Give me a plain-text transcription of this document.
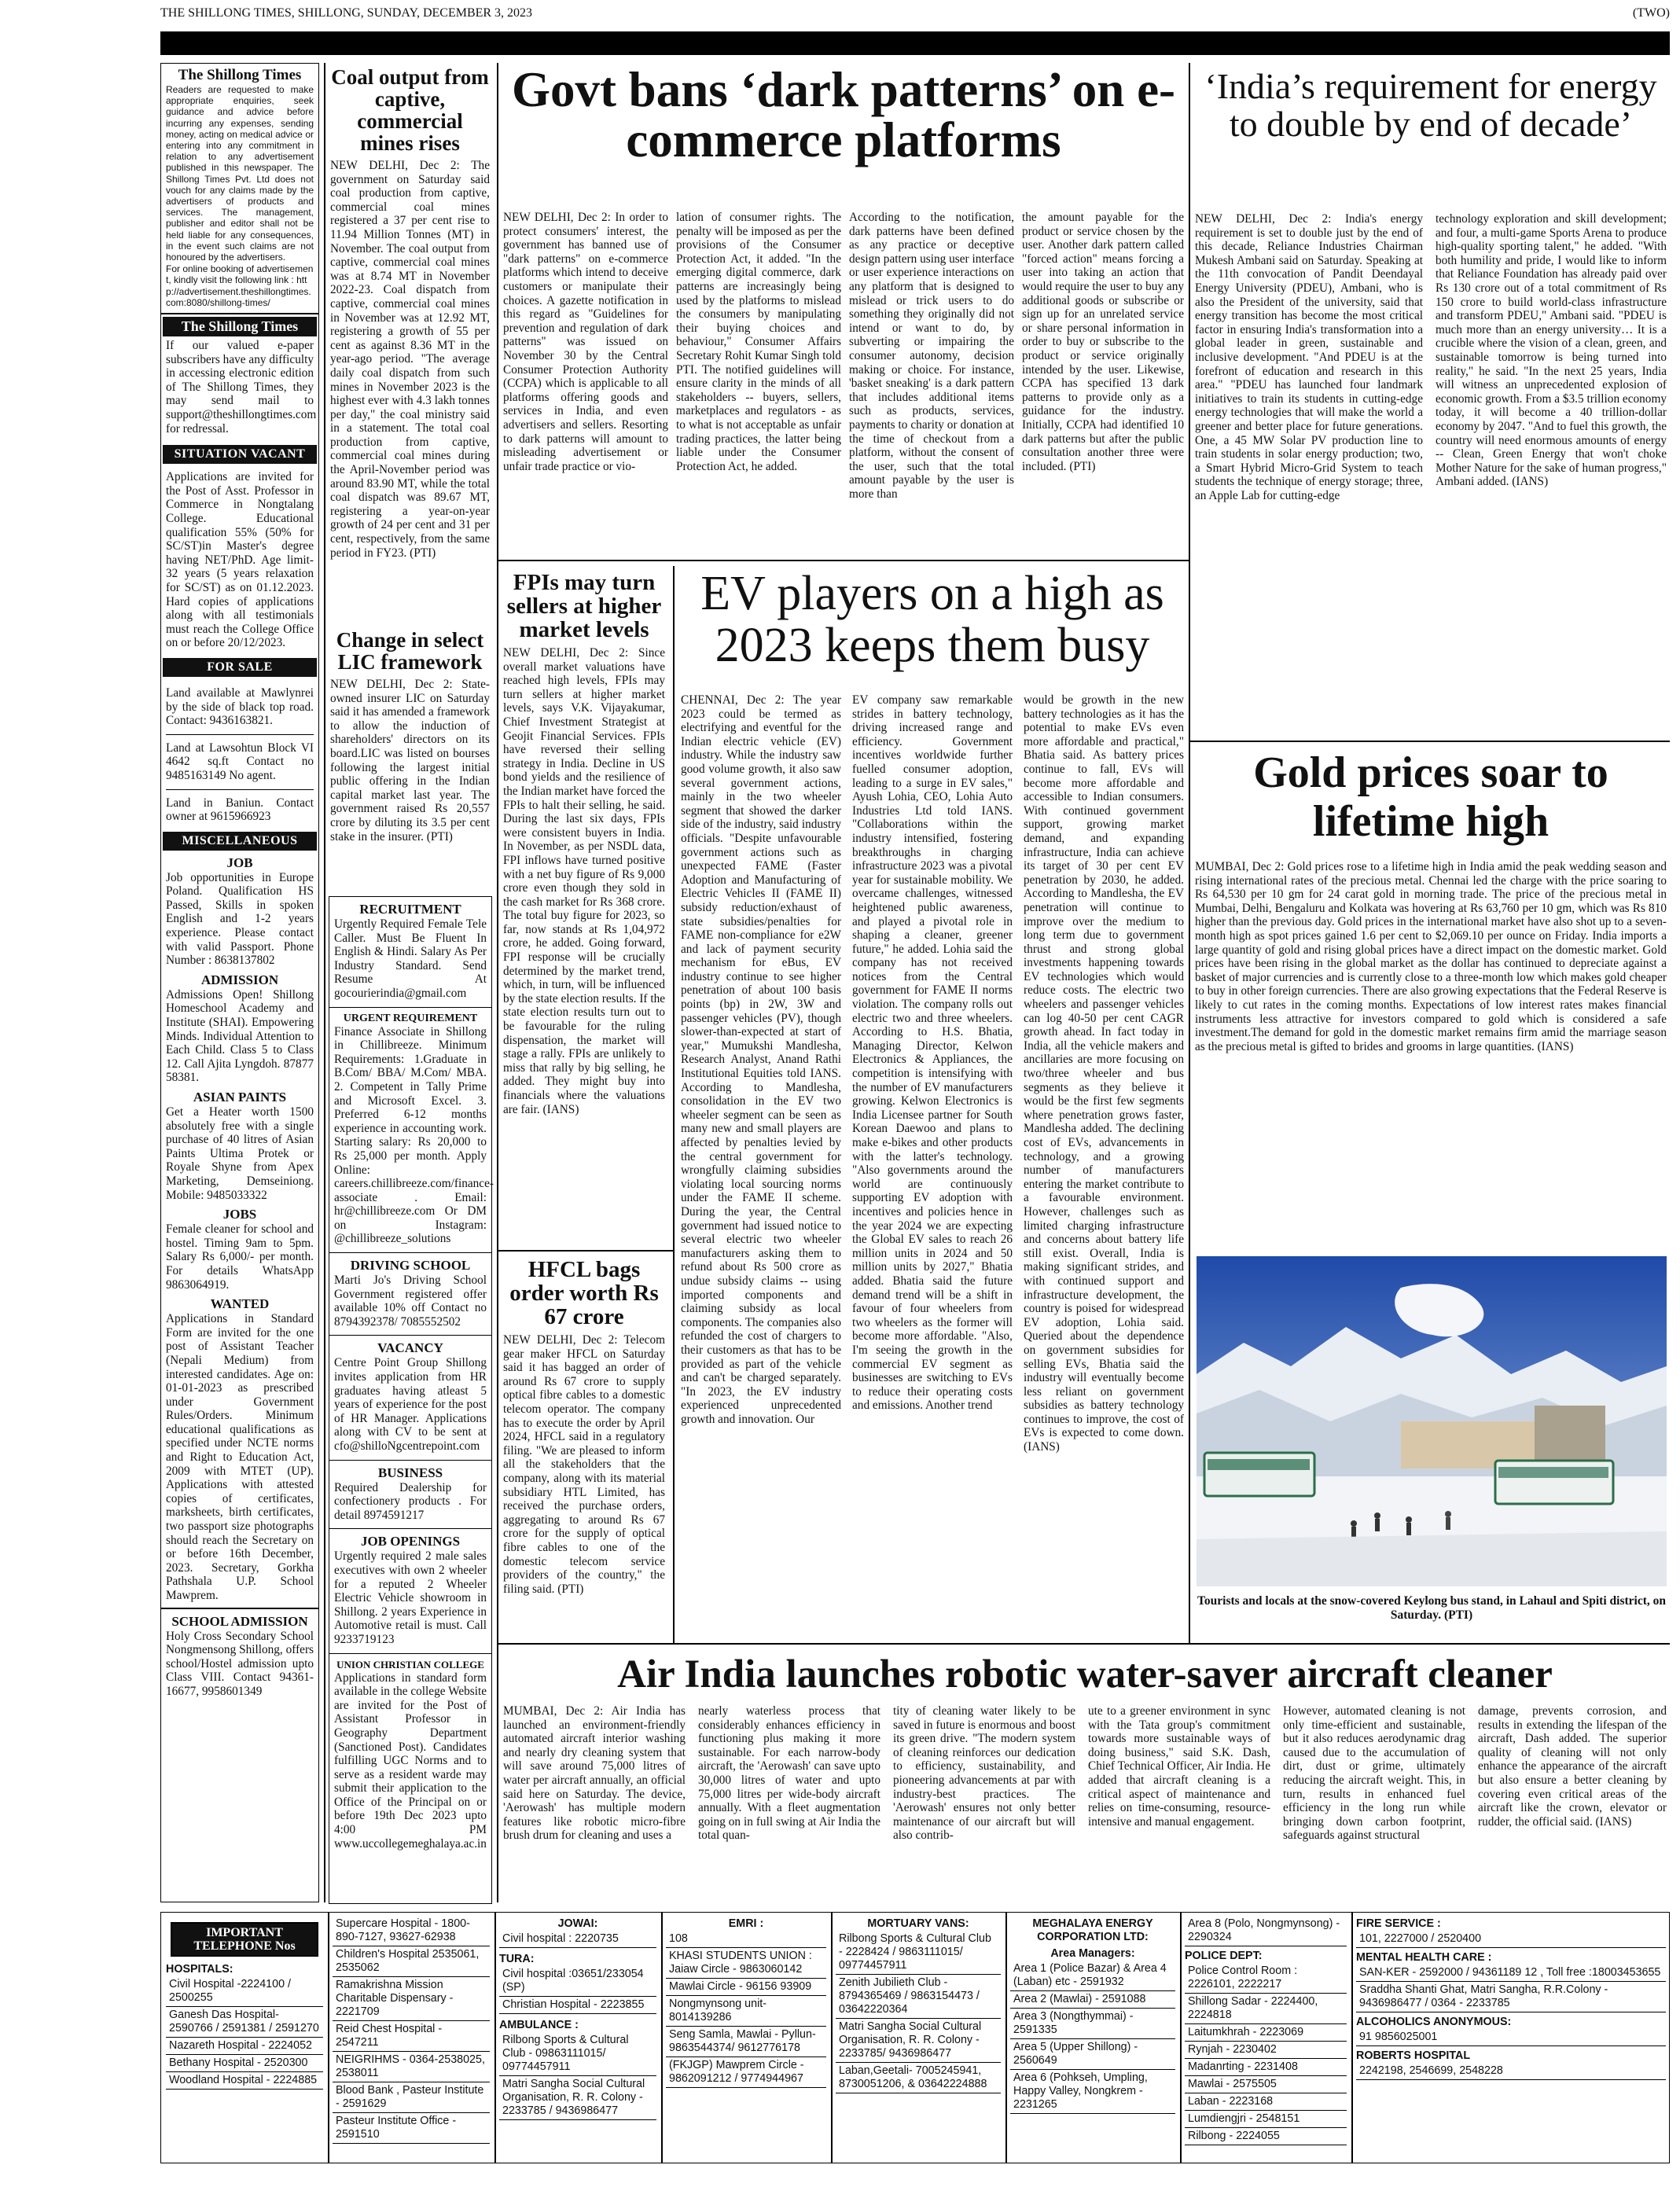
THE SHILLONG TIMES, SHILLONG, SUNDAY, DECEMBER 3, 2023	(TWO)
The Shillong Times
Readers are requested to make appropriate enquiries, seek guidance and advice before incurring any expenses, sending money, acting on medical advice or entering into any commitment in relation to any advertisement published in this newspaper. The Shillong Times Pvt. Ltd does not vouch for any claims made by the advertisers of products and services. The management, publisher and editor shall not be held liable for any consequences, in the event such claims are not honoured by the advertisers.
For online booking of advertisement, kindly visit the following link : http://advertisement.theshillongtimes.com:8080/shillong-times/
The Shillong Times
If our valued e-paper subscribers have any difficulty in accessing electronic edition of The Shillong Times, they may send mail to support@theshillongtimes.com for redressal.
SITUATION VACANT
Applications are invited for the Post of Asst. Professor in Commerce in Nongtalang College. Educational qualification 55% (50% for SC/ST)in Master's degree having NET/PhD. Age limit- 32 years (5 years relaxation for SC/ST) as on 01.12.2023. Hard copies of applications along with all testimonials must reach the College Office on or before 20/12/2023.
FOR SALE
Land available at Mawlynrei by the side of black top road. Contact: 9436163821.
Land at Lawsohtun Block VI 4642 sq.ft Contact no 9485163149 No agent.
Land in Baniun. Contact owner at 9615966923
MISCELLANEOUS
JOB
Job opportunities in Europe Poland. Qualification HS Passed, Skills in spoken English and 1-2 years experience. Please contact with valid Passport. Phone Number : 8638137802
ADMISSION
Admissions Open! Shillong Homeschool Academy and Institute (SHAI). Empowering Minds. Individual Attention to Each Child. Class 5 to Class 12. Call Ajita Lyngdoh. 87877 58381.
ASIAN PAINTS
Get a Heater worth 1500 absolutely free with a single purchase of 40 litres of Asian Paints Ultima Protek or Royale Shyne from Apex Marketing, Demseiniong. Mobile: 9485033322
JOBS
Female cleaner for school and hostel. Timing 9am to 5pm. Salary Rs 6,000/- per month. For details WhatsApp 9863064919.
WANTED
Applications in Standard Form are invited for the one post of Assistant Teacher (Nepali Medium) from interested candidates. Age on: 01-01-2023 as prescribed under Government Rules/Orders. Minimum educational qualifications as specified under NCTE norms and Right to Education Act, 2009 with MTET (UP). Applications with attested copies of certificates, marksheets, birth certificates, two passport size photographs should reach the Secretary on or before 16th December, 2023. Secretary, Gorkha Pathshala U.P. School Mawprem.
SCHOOL ADMISSION
Holy Cross Secondary School Nongmensong Shillong, offers school/Hostel admission upto Class VIII. Contact 94361-16677, 9958601349
Coal output from captive, commercial mines rises
NEW DELHI, Dec 2: The government on Saturday said coal production from captive, commercial coal mines registered a 37 per cent rise to 11.94 Million Tonnes (MT) in November. The coal output from captive, commercial coal mines was at 8.74 MT in November 2022-23. Coal dispatch from captive, commercial coal mines in November was at 12.92 MT, registering a growth of 55 per cent as against 8.36 MT in the year-ago period. "The average daily coal dispatch from such mines in November 2023 is the highest ever with 4.3 lakh tonnes per day," the coal ministry said in a statement. The total coal production from captive, commercial coal mines during the April-November period was around 83.90 MT, while the total coal dispatch was 89.67 MT, registering a year-on-year growth of 24 per cent and 31 per cent, respectively, from the same period in FY23. (PTI)
Change in select LIC framework
NEW DELHI, Dec 2: State-owned insurer LIC on Saturday said it has amended a framework to allow the induction of shareholders' directors on its board.LIC was listed on bourses following the largest initial public offering in the Indian capital market last year. The government raised Rs 20,557 crore by diluting its 3.5 per cent stake in the insurer. (PTI)
RECRUITMENT
Urgently Required Female Tele Caller. Must Be Fluent In English & Hindi. Salary As Per Industry Standard. Send Resume At gocourierindia@gmail.com
URGENT REQUIREMENT
Finance Associate in Shillong in Chillibreeze. Minimum Requirements: 1.Graduate in B.Com/ BBA/ M.Com/ MBA. 2. Competent in Tally Prime and Microsoft Excel. 3. Preferred 6-12 months experience in accounting work. Starting salary: Rs 20,000 to Rs 25,000 per month. Apply Online: careers.chillibreeze.com/finance-associate . Email: hr@chillibreeze.com Or DM on Instagram: @chillibreeze_solutions
DRIVING SCHOOL
Marti Jo's Driving School Government registered offer available 10% off Contact no 8794392378/ 7085552502
VACANCY
Centre Point Group Shillong invites application from HR graduates having atleast 5 years of experience for the post of HR Manager. Applications along with CV to be sent at cfo@shilloNgcentrepoint.com
BUSINESS
Required Dealership for confectionery products . For detail 8974591217
JOB OPENINGS
Urgently required 2 male sales executives with own 2 wheeler for a reputed 2 Wheeler Electric Vehicle showroom in Shillong. 2 years Experience in Automotive retail is must. Call 9233719123
UNION CHRISTIAN COLLEGE
Applications in standard form available in the college Website are invited for the Post of Assistant Professor in Geography Department (Sanctioned Post). Candidates fulfilling UGC Norms and to serve as a resident warde may submit their application to the Office of the Principal on or before 19th Dec 2023 upto 4:00 PM www.uccollegemeghalaya.ac.in
Govt bans ‘dark patterns’ on e-commerce platforms
NEW DELHI, Dec 2: In order to protect consumers' interest, the government has banned use of "dark patterns" on e-commerce platforms which intend to deceive customers or manipulate their choices. A gazette notification in this regard as "Guidelines for prevention and regulation of dark patterns" was issued on November 30 by the Central Consumer Protection Authority (CCPA) which is applicable to all platforms offering goods and services in India, and even advertisers and sellers. Resorting to dark patterns will amount to misleading advertisement or unfair trade practice or vio-
lation of consumer rights. The penalty will be imposed as per the provisions of the Consumer Protection Act, it added. "In the emerging digital commerce, dark patterns are increasingly being used by the platforms to mislead the consumers by manipulating their buying choices and behaviour," Consumer Affairs Secretary Rohit Kumar Singh told PTI. The notified guidelines will ensure clarity in the minds of all stakeholders -- buyers, sellers, marketplaces and regulators - as to what is not acceptable as unfair trading practices, the latter being liable under the Consumer Protection Act, he added.
According to the notification, dark patterns have been defined as any practice or deceptive design pattern using user interface or user experience interactions on any platform that is designed to mislead or trick users to do something they originally did not intend or want to do, by subverting or impairing the consumer autonomy, decision making or choice. For instance, 'basket sneaking' is a dark pattern that includes additional items such as products, services, payments to charity or donation at the time of checkout from a platform, without the consent of the user, such that the total amount payable by the user is more than
the amount payable for the product or service chosen by the user. Another dark pattern called "forced action" means forcing a user into taking an action that would require the user to buy any additional goods or subscribe or sign up for an unrelated service or share personal information in order to buy or subscribe to the product or service originally intended by the user. Likewise, CCPA has specified 13 dark patterns to provide only as a guidance for the industry. Initially, CCPA had identified 10 dark patterns but after the public consultation another three were included. (PTI)
FPIs may turn sellers at higher market levels
NEW DELHI, Dec 2: Since overall market valuations have reached high levels, FPIs may turn sellers at higher market levels, says V.K. Vijayakumar, Chief Investment Strategist at Geojit Financial Services. FPIs have reversed their selling strategy in India. Decline in US bond yields and the resilience of the Indian market have forced the FPIs to halt their selling, he said. During the last six days, FPIs were consistent buyers in India. In November, as per NSDL data, FPI inflows have turned positive with a net buy figure of Rs 9,000 crore even though they sold in the cash market for Rs 368 crore. The total buy figure for 2023, so far, now stands at Rs 1,04,972 crore, he added. Going forward, FPI response will be crucially determined by the market trend, which, in turn, will be influenced by the state election results. If the state election results turn out to be favourable for the ruling dispensation, the market will stage a rally. FPIs are unlikely to miss that rally by big selling, he added. They might buy into financials where the valuations are fair. (IANS)
HFCL bags order worth Rs 67 crore
NEW DELHI, Dec 2: Telecom gear maker HFCL on Saturday said it has bagged an order of around Rs 67 crore to supply optical fibre cables to a domestic telecom operator. The company has to execute the order by April 2024, HFCL said in a regulatory filing. "We are pleased to inform all the stakeholders that the company, along with its material subsidiary HTL Limited, has received the purchase orders, aggregating to around Rs 67 crore for the supply of optical fibre cables to one of the domestic telecom service providers of the country," the filing said. (PTI)
EV players on a high as 2023 keeps them busy
CHENNAI, Dec 2: The year 2023 could be termed as electrifying and eventful for the Indian electric vehicle (EV) industry. While the industry saw good volume growth, it also saw several government actions, mainly in the two wheeler segment that showed the darker side of the industry, said industry officials. "Despite unfavourable government actions such as unexpected FAME (Faster Adoption and Manufacturing of Electric Vehicles II (FAME II) subsidy reduction/exhaust of state subsidies/penalties for FAME non-compliance for e2W and lack of payment security mechanism for eBus, EV industry continue to see higher penetration of about 100 basis points (bp) in 2W, 3W and passenger vehicles (PV), though slower-than-expected at start of year," Mumukshi Mandlesha, Research Analyst, Anand Rathi Institutional Equities told IANS. According to Mandlesha, consolidation in the EV two wheeler segment can be seen as many new and small players are affected by penalties levied by the central government for wrongfully claiming subsidies violating local sourcing norms under the FAME II scheme. During the year, the Central government had issued notice to several electric two wheeler manufacturers asking them to refund about Rs 500 crore as undue subsidy claims -- using imported components and claiming subsidy as local components. The companies also refunded the cost of chargers to their customers as that has to be provided as part of the vehicle and can't be charged separately. "In 2023, the EV industry experienced unprecedented growth and innovation. Our
EV company saw remarkable strides in battery technology, driving increased range and efficiency. Government incentives worldwide further fuelled consumer adoption, leading to a surge in EV sales," Ayush Lohia, CEO, Lohia Auto Industries Ltd told IANS. "Collaborations within the industry intensified, fostering breakthroughs in charging infrastructure 2023 was a pivotal year for sustainable mobility. We overcame challenges, witnessed heightened public awareness, and played a pivotal role in shaping a cleaner, greener future," he added. Lohia said the company has not received notices from the Central government for FAME II norms violation. The company rolls out electric two and three wheelers. According to H.S. Bhatia, Managing Director, Kelwon Electronics & Appliances, the competition is intensifying with the number of EV manufacturers growing. Kelwon Electronics is India Licensee partner for South Korean Daewoo and plans to make e-bikes and other products with the latter's technology. "Also governments around the world are continuously supporting EV adoption with incentives and policies hence in the year 2024 we are expecting the Global EV sales to reach 26 million units in 2024 and 50 million units by 2027," Bhatia added. Bhatia said the future demand trend will be a shift in favour of four wheelers from two wheelers as the former will become more affordable. "Also, I'm seeing the growth in the commercial EV segment as businesses are switching to EVs to reduce their operating costs and emissions. Another trend
would be growth in the new battery technologies as it has the potential to make EVs even more affordable and practical," Bhatia said. As battery prices continue to fall, EVs will become more affordable and accessible to Indian consumers. With continued government support, growing market demand, and expanding infrastructure, India can achieve its target of 30 per cent EV penetration by 2030, he added. According to Mandlesha, the EV penetration will continue to improve over the medium to long term due to government thrust and strong global investments happening towards EV technologies which would reduce costs. The electric two wheelers and passenger vehicles can log 40-50 per cent CAGR growth ahead. In fact today in India, all the vehicle makers and ancillaries are more focusing on two/three wheeler and bus segments as they believe it would be the first few segments where penetration grows faster, Mandlesha added. The declining cost of EVs, advancements in technology, and a growing number of manufacturers entering the market contribute to a favourable environment. However, challenges such as limited charging infrastructure and concerns about battery life still exist. Overall, India is making significant strides, and with continued support and infrastructure development, the country is poised for widespread EV adoption, Lohia said. Queried about the dependence on government subsidies for selling EVs, Bhatia said the industry will eventually become less reliant on government subsidies as battery technology continues to improve, the cost of EVs is expected to come down. (IANS)
‘India’s requirement for energy to double by end of decade’
NEW DELHI, Dec 2: India's energy requirement is set to double just by the end of this decade, Reliance Industries Chairman Mukesh Ambani said on Saturday. Speaking at the 11th convocation of Pandit Deendayal Energy University (PDEU), Ambani, who is also the President of the university, said that energy transition has become the most critical factor in ensuring India's transformation into a global leader in green, sustainable and inclusive development. "And PDEU is at the forefront of education and research in this area." "PDEU has launched four landmark initiatives to train its students in cutting-edge energy technologies that will make the world a greener and better place for future generations. One, a 45 MW Solar PV production line to train students in solar energy production; two, a Smart Hybrid Micro-Grid System to teach students the technique of energy storage; three, an Apple Lab for cutting-edge
technology exploration and skill development; and four, a multi-game Sports Arena to produce high-quality sporting talent," he added. "With both humility and pride, I would like to inform that Reliance Foundation has already paid over Rs 130 crore out of a total commitment of Rs 150 crore to build world-class infrastructure and transform PDEU," Ambani said. "PDEU is much more than an energy university… It is a crucible where the vision of a clean, green, and sustainable tomorrow is being turned into reality," he said. "In the next 25 years, India will witness an unprecedented explosion of economic growth. From a $3.5 trillion economy today, it will become a 40 trillion-dollar economy by 2047. "And to fuel this growth, the country will need enormous amounts of energy -- Clean, Green Energy that won't choke Mother Nature for the sake of human progress," Ambani added. (IANS)
Gold prices soar to lifetime high
MUMBAI, Dec 2: Gold prices rose to a lifetime high in India amid the peak wedding season and rising international rates of the precious metal. Chennai led the charge with the price soaring to Rs 64,530 per 10 gm for 24 carat gold in morning trade. The price of the precious metal in Mumbai, Delhi, Bengaluru and Kolkata was hovering at Rs 63,760 per 10 gm, which was Rs 810 higher than the previous day. Gold prices in the international market have also shot up to a seven-month high as spot prices gained 1.6 per cent to $2,069.10 per ounce on Friday. India imports a large quantity of gold and rising global prices have a direct impact on the domestic market. Gold prices have been rising in the global market as the dollar has continued to depreciate against a basket of major currencies and is currently close to a three-month low which makes gold cheaper to buy in other foreign currencies. There are also growing expectations that the Federal Reserve is likely to cut rates in the coming months. Expectations of low interest rates makes financial instruments less attractive for investors compared to gold which is considered a safe investment.The demand for gold in the domestic market remains firm amid the marriage season as the precious metal is gifted to brides and grooms in large quantities. (IANS)
Tourists and locals at the snow-covered Keylong bus stand, in Lahaul and Spiti district, on Saturday. (PTI)
Air India launches robotic water-saver aircraft cleaner
MUMBAI, Dec 2: Air India has launched an environment-friendly automated aircraft interior washing and nearly dry cleaning system that will save around 75,000 litres of water per aircraft annually, an official said here on Saturday. The device, 'Aerowash' has multiple modern features like robotic micro-fibre brush drum for cleaning and uses a
nearly waterless process that considerably enhances efficiency in functioning plus making it more sustainable. For each narrow-body aircraft, the 'Aerowash' can save upto 30,000 litres of water and upto 75,000 litres per wide-body aircraft annually. With a fleet augmentation going on in full swing at Air India the total quan-
tity of cleaning water likely to be saved in future is enormous and boost its green drive. "The modern system of cleaning reinforces our dedication to efficiency, sustainability, and pioneering advancements at par with industry-best practices. The 'Aerowash' ensures not only better maintenance of our aircraft but will also contrib-
ute to a greener environment in sync with the Tata group's commitment towards more sustainable ways of doing business," said S.K. Dash, Chief Technical Officer, Air India. He added that aircraft cleaning is a critical aspect of maintenance and relies on time-consuming, resource-intensive and manual engagement.
However, automated cleaning is not only time-efficient and sustainable, but it also reduces aerodynamic drag caused due to the accumulation of dirt, dust or grime, ultimately reducing the aircraft weight. This, in turn, results in enhanced fuel efficiency in the long run while bringing down carbon footprint, safeguards against structural
damage, prevents corrosion, and results in extending the lifespan of the aircraft, Dash added. The superior quality of cleaning will not only enhance the appearance of the aircraft but also ensure a better cleaning by covering even critical areas of the aircraft like the crown, elevator or rudder, the official said. (IANS)
IMPORTANT
TELEPHONE Nos
HOSPITALS:
Civil Hospital -2224100 / 2500255
Ganesh Das Hospital-2590766 / 2591381 / 2591270
Nazareth Hospital - 2224052
Bethany Hospital - 2520300
Woodland Hospital - 2224885
Supercare Hospital - 1800-890-7127, 93627-62938
Children's Hospital 2535061, 2535062
Ramakrishna Mission Charitable Dispensary - 2221709
Reid Chest Hospital - 2547211
NEIGRIHMS - 0364-2538025, 2538011
Blood Bank , Pasteur Institute - 2591629
Pasteur Institute Office - 2591510
JOWAI:
Civil hospital : 2220735
TURA:
Civil hospital :03651/233054 (SP)
Christian Hospital - 2223855
AMBULANCE :
Rilbong Sports & Cultural Club - 09863111015/ 09774457911
Matri Sangha Social Cultural Organisation, R. R. Colony - 2233785 / 9436986477
EMRI :
108
KHASI STUDENTS UNION : Jaiaw Circle - 9863060142
Mawlai Circle - 96156 93909
Nongmynsong unit- 8014139286
Seng Samla, Mawlai - Pyllun-9863544374/ 9612776178
(FKJGP) Mawprem Circle - 9862091212 / 9774944967
MORTUARY VANS:
Rilbong Sports & Cultural Club - 2228424 / 9863111015/ 09774457911
Zenith Jubilieth Club - 8794365469 / 9863154473 / 03642220364
Matri Sangha Social Cultural Organisation, R. R. Colony - 2233785/ 9436986477
Laban,Geetali- 7005245941, 8730051206, & 03642224888
MEGHALAYA ENERGY CORPORATION LTD:
Area Managers:
Area 1 (Police Bazar) & Area 4 (Laban) etc - 2591932
Area 2 (Mawlai) - 2591088
Area 3 (Nongthymmai) - 2591335
Area 5 (Upper Shillong) - 2560649
Area 6 (Pohkseh, Umpling, Happy Valley, Nongkrem - 2231265
Area 8 (Polo, Nongmynsong) - 2290324
POLICE DEPT:
Police Control Room : 2226101, 2222217
Shillong Sadar - 2224400, 2224818
Laitumkhrah - 2223069
Rynjah - 2230402
Madanrting - 2231408
Mawlai - 2575505
Laban - 2223168
Lumdiengjri - 2548151
Rilbong - 2224055
FIRE SERVICE :
101, 2227000 / 2520400
MENTAL HEALTH CARE :
SAN-KER - 2592000 / 94361189 12 , Toll free :18003453655
Sraddha Shanti Ghat, Matri Sangha, R.R.Colony - 9436986477 / 0364 - 2233785
ALCOHOLICS ANONYMOUS:
91 9856025001
ROBERTS HOSPITAL
2242198, 2546699, 2548228
